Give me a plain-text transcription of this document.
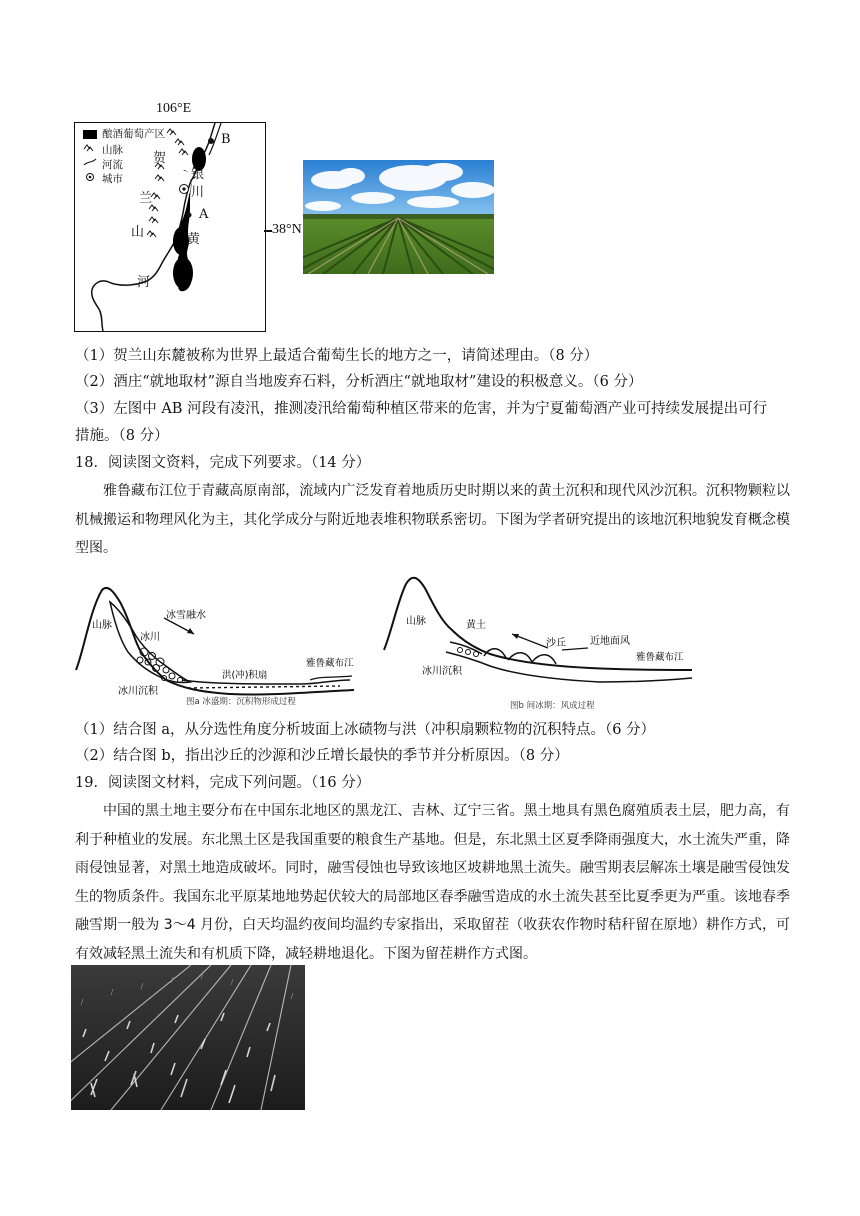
106°E
酿酒葡萄产区
山脉
河流
城市
B
A
贺
兰
山
银
川
黄
河
38°N
（1）贺兰山东麓被称为世界上最适合葡萄生长的地方之一，请简述理由。（8 分）
（2）酒庄“就地取材”源自当地废弃石料，分析酒庄“就地取材”建设的积极意义。（6 分）
（3）左图中 AB 河段有凌汛，推测凌汛给葡萄种植区带来的危害，并为宁夏葡萄酒产业可持续发展提出可行
措施。（8 分）
18．阅读图文资料，完成下列要求。（14 分）
雅鲁藏布江位于青藏高原南部，流域内广泛发育着地质历史时期以来的黄土沉积和现代风沙沉积。沉积物颗粒以机械搬运和物理风化为主，其化学成分与附近地表堆积物联系密切。下图为学者研究提出的该地沉积地貌发育概念模型图。
山脉
冰雪融水
冰川
洪(冲)积扇
雅鲁藏布江
冰川沉积
图a 冰盛期：沉积物形成过程
山脉	黄土
沙丘 近地面风
雅鲁藏布江
冰川沉积
图b 间冰期：风成过程
（1）结合图 a，从分选性角度分析坡面上冰碛物与洪（冲积扇颗粒物的沉积特点。（6 分）
（2）结合图 b，指出沙丘的沙源和沙丘增长最快的季节并分析原因。（8 分）
19．阅读图文材料，完成下列问题。（16 分）
中国的黑土地主要分布在中国东北地区的黑龙江、吉林、辽宁三省。黑土地具有黑色腐殖质表土层，肥力高，有利于种植业的发展。东北黑土区是我国重要的粮食生产基地。但是，东北黑土区夏季降雨强度大，水土流失严重，降雨侵蚀显著，对黑土地造成破坏。同时，融雪侵蚀也导致该地区坡耕地黑土流失。融雪期表层解冻土壤是融雪侵蚀发生的物质条件。我国东北平原某地地势起伏较大的局部地区春季融雪造成的水土流失甚至比夏季更为严重。该地春季融雪期一般为 3～4 月份，白天均温约夜间均温约专家指出，采取留茬（收获农作物时秸秆留在原地）耕作方式，可有效减轻黑土流失和有机质下降，减轻耕地退化。下图为留茬耕作方式图。
